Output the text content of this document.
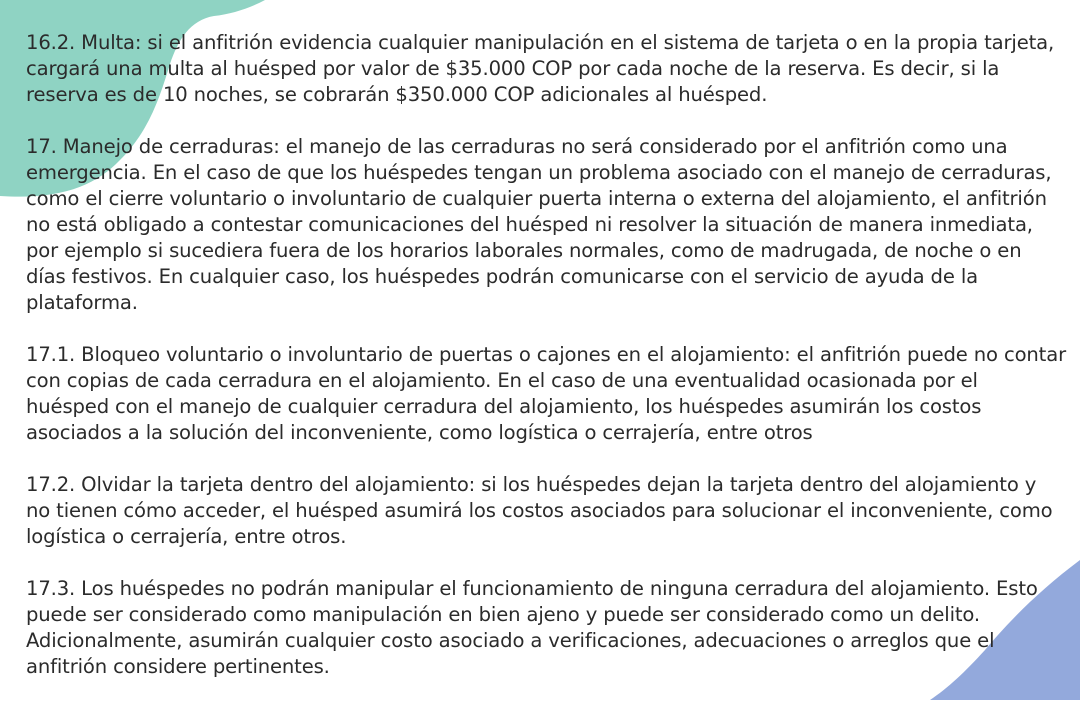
16.2. Multa: si el anfitrión evidencia cualquier manipulación en el sistema de tarjeta o en la propia tarjeta, cargará una multa al huésped por valor de $35.000 COP por cada noche de la reserva. Es decir, si la reserva es de 10 noches, se cobrarán $350.000 COP adicionales al huésped.

17. Manejo de cerraduras: el manejo de las cerraduras no será considerado por el anfitrión como una emergencia. En el caso de que los huéspedes tengan un problema asociado con el manejo de cerraduras, como el cierre voluntario o involuntario de cualquier puerta interna o externa del alojamiento, el anfitrión no está obligado a contestar comunicaciones del huésped ni resolver la situación de manera inmediata, por ejemplo si sucediera fuera de los horarios laborales normales, como de madrugada, de noche o en días festivos. En cualquier caso, los huéspedes podrán comunicarse con el servicio de ayuda de la plataforma.

17.1. Bloqueo voluntario o involuntario de puertas o cajones en el alojamiento: el anfitrión puede no contar con copias de cada cerradura en el alojamiento. En el caso de una eventualidad ocasionada por el huésped con el manejo de cualquier cerradura del alojamiento, los huéspedes asumirán los costos asociados a la solución del inconveniente, como logística o cerrajería, entre otros

17.2. Olvidar la tarjeta dentro del alojamiento: si los huéspedes dejan la tarjeta dentro del alojamiento y no tienen cómo acceder, el huésped asumirá los costos asociados para solucionar el inconveniente, como logística o cerrajería, entre otros.

17.3. Los huéspedes no podrán manipular el funcionamiento de ninguna cerradura del alojamiento. Esto puede ser considerado como manipulación en bien ajeno y puede ser considerado como un delito. Adicionalmente, asumirán cualquier costo asociado a verificaciones, adecuaciones o arreglos que el anfitrión considere pertinentes.
